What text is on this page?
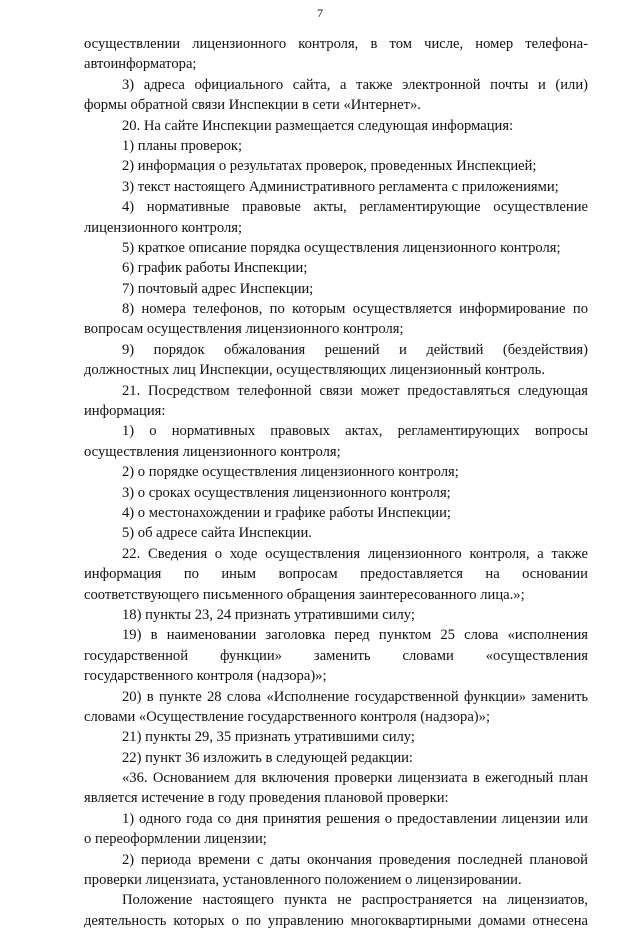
7
осуществлении лицензионного контроля, в том числе, номер телефона-
автоинформатора;
3) адреса официального сайта, а также электронной почты и (или)
формы обратной связи Инспекции в сети «Интернет».
20. На сайте Инспекции размещается следующая информация:
1) планы проверок;
2) информация о результатах проверок, проведенных Инспекцией;
3) текст настоящего Административного регламента с приложениями;
4) нормативные правовые акты, регламентирующие осуществление
лицензионного контроля;
5) краткое описание порядка осуществления лицензионного контроля;
6) график работы Инспекции;
7) почтовый адрес Инспекции;
8) номера телефонов, по которым осуществляется информирование по
вопросам осуществления лицензионного контроля;
9) порядок обжалования решений и действий (бездействия)
должностных лиц Инспекции, осуществляющих лицензионный контроль.
21. Посредством телефонной связи может предоставляться следующая
информация:
1) о нормативных правовых актах, регламентирующих вопросы
осуществления лицензионного контроля;
2) о порядке осуществления лицензионного контроля;
3) о сроках осуществления лицензионного контроля;
4) о местонахождении и графике работы Инспекции;
5) об адресе сайта Инспекции.
22. Сведения о ходе осуществления лицензионного контроля, а также
информация по иным вопросам предоставляется на основании
соответствующего письменного обращения заинтересованного лица.»;
18) пункты 23, 24 признать утратившими силу;
19) в наименовании заголовка перед пунктом 25 слова «исполнения
государственной функции» заменить словами «осуществления
государственного контроля (надзора)»;
20) в пункте 28 слова «Исполнение государственной функции» заменить
словами «Осуществление государственного контроля (надзора)»;
21) пункты 29, 35 признать утратившими силу;
22) пункт 36 изложить в следующей редакции:
«36. Основанием для включения проверки лицензиата в ежегодный план
является истечение в году проведения плановой проверки:
1) одного года со дня принятия решения о предоставлении лицензии или
о переоформлении лицензии;
2) периода времени с даты окончания проведения последней плановой
проверки лицензиата, установленного положением о лицензировании.
Положение настоящего пункта не распространяется на лицензиатов,
деятельность которых о по управлению многоквартирными домами отнесена
